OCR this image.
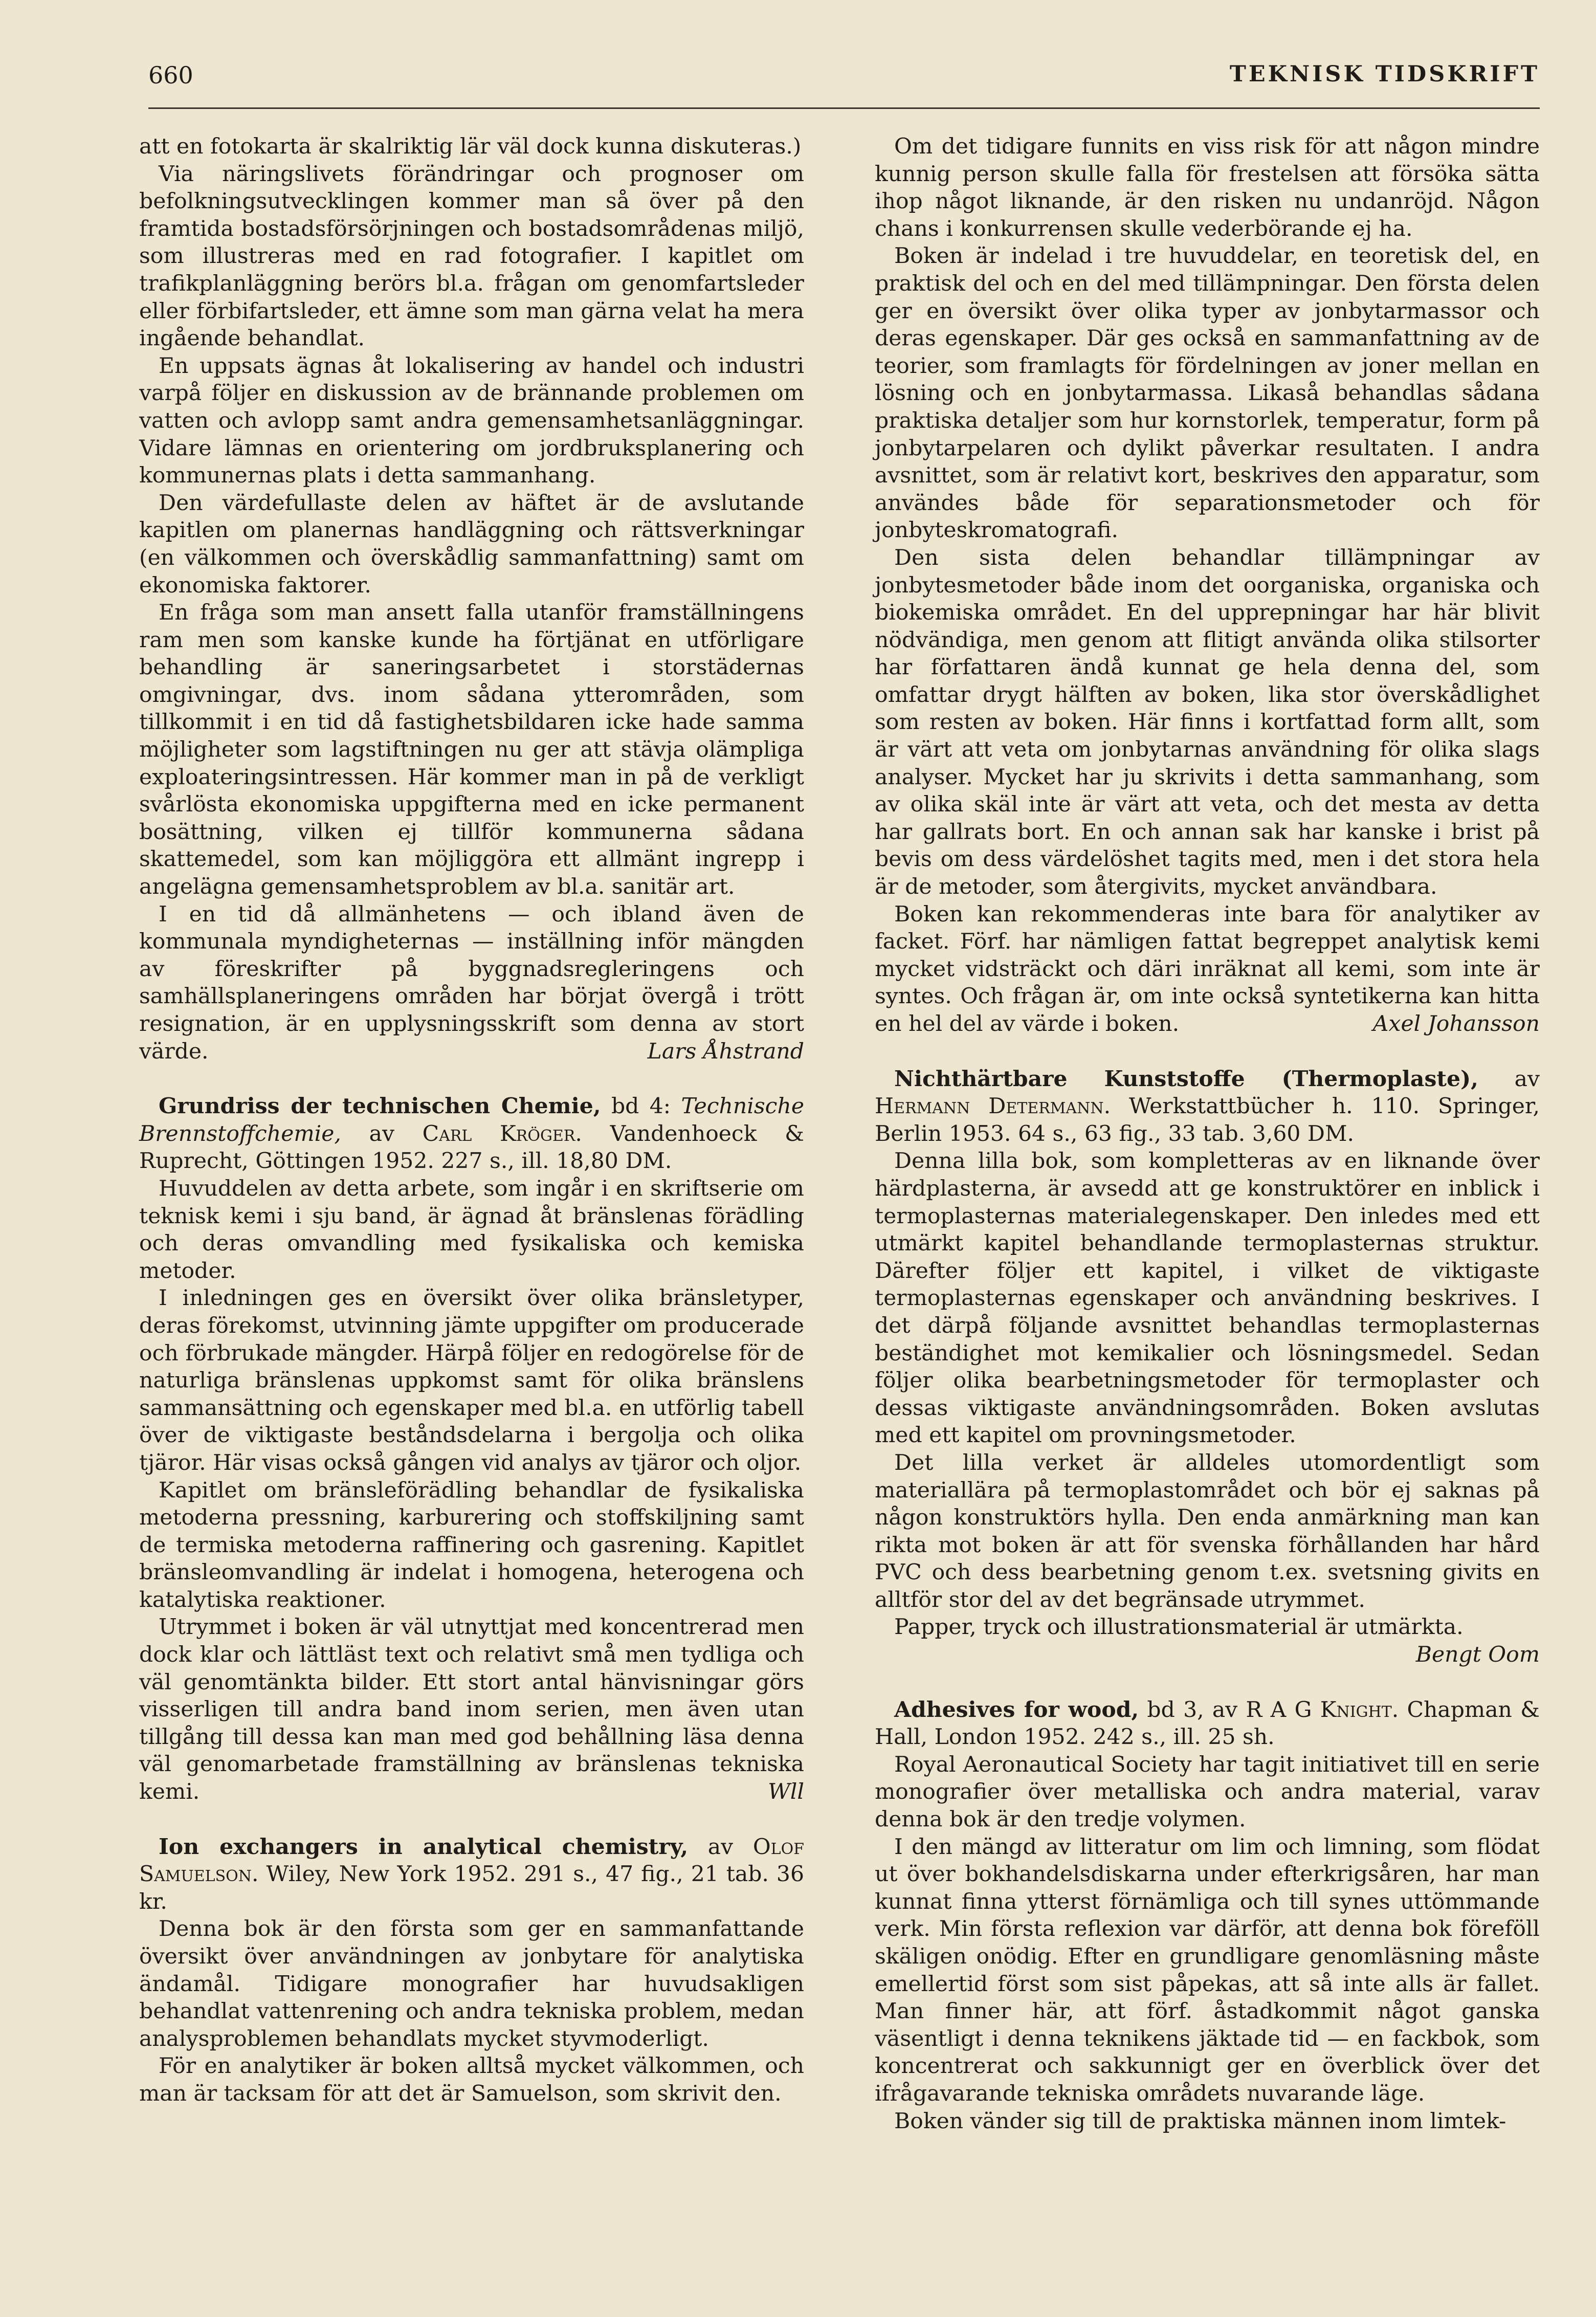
660	TEKNISK TIDSKRIFT

att en fotokarta är skalriktig lär väl dock kunna diskuteras.)

Via näringslivets förändringar och prognoser om befolkningsutvecklingen kommer man så över på den framtida bostadsförsörjningen och bostadsområdenas miljö, som illustreras med en rad fotografier. I kapitlet om trafikplanläggning berörs bl.a. frågan om genomfartsleder eller förbifartsleder, ett ämne som man gärna velat ha mera ingående behandlat.

En uppsats ägnas åt lokalisering av handel och industri varpå följer en diskussion av de brännande problemen om vatten och avlopp samt andra gemensamhetsanläggningar. Vidare lämnas en orientering om jordbruksplanering och kommunernas plats i detta sammanhang.

Den värdefullaste delen av häftet är de avslutande kapitlen om planernas handläggning och rättsverkningar (en välkommen och överskådlig sammanfattning) samt om ekonomiska faktorer.

En fråga som man ansett falla utanför framställningens ram men som kanske kunde ha förtjänat en utförligare behandling är saneringsarbetet i storstädernas omgivningar, dvs. inom sådana ytterområden, som tillkommit i en tid då fastighetsbildaren icke hade samma möjligheter som lagstiftningen nu ger att stävja olämpliga exploateringsintressen. Här kommer man in på de verkligt svårlösta ekonomiska uppgifterna med en icke permanent bosättning, vilken ej tillför kommunerna sådana skattemedel, som kan möjliggöra ett allmänt ingrepp i angelägna gemensamhetsproblem av bl.a. sanitär art.

I en tid då allmänhetens — och ibland även de kommunala myndigheternas — inställning inför mängden av föreskrifter på byggnadsregleringens och samhällsplaneringens områden har börjat övergå i trött resignation, är en upplysningsskrift som denna av stort värde.	Lars Åhstrand

Grundriss der technischen Chemie, bd 4: Technische Brennstoffchemie, av Carl Kröger. Vandenhoeck & Ruprecht, Göttingen 1952. 227 s., ill. 18,80 DM.

Huvuddelen av detta arbete, som ingår i en skriftserie om teknisk kemi i sju band, är ägnad åt bränslenas förädling och deras omvandling med fysikaliska och kemiska metoder.

I inledningen ges en översikt över olika bränsletyper, deras förekomst, utvinning jämte uppgifter om producerade och förbrukade mängder. Härpå följer en redogörelse för de naturliga bränslenas uppkomst samt för olika bränslens sammansättning och egenskaper med bl.a. en utförlig tabell över de viktigaste beståndsdelarna i bergolja och olika tjäror. Här visas också gången vid analys av tjäror och oljor.

Kapitlet om bränsleförädling behandlar de fysikaliska metoderna pressning, karburering och stoffskiljning samt de termiska metoderna raffinering och gasrening. Kapitlet bränsleomvandling är indelat i homogena, heterogena och katalytiska reaktioner.

Utrymmet i boken är väl utnyttjat med koncentrerad men dock klar och lättläst text och relativt små men tydliga och väl genomtänkta bilder. Ett stort antal hänvisningar görs visserligen till andra band inom serien, men även utan tillgång till dessa kan man med god behållning läsa denna väl genomarbetade framställning av bränslenas tekniska kemi.	Wll

Ion exchangers in analytical chemistry, av Olof Samuelson. Wiley, New York 1952. 291 s., 47 fig., 21 tab. 36 kr.

Denna bok är den första som ger en sammanfattande översikt över användningen av jonbytare för analytiska ändamål. Tidigare monografier har huvudsakligen behandlat vattenrening och andra tekniska problem, medan analysproblemen behandlats mycket styvmoderligt.

För en analytiker är boken alltså mycket välkommen, och man är tacksam för att det är Samuelson, som skrivit den.

Om det tidigare funnits en viss risk för att någon mindre kunnig person skulle falla för frestelsen att försöka sätta ihop något liknande, är den risken nu undanröjd. Någon chans i konkurrensen skulle vederbörande ej ha.

Boken är indelad i tre huvuddelar, en teoretisk del, en praktisk del och en del med tillämpningar. Den första delen ger en översikt över olika typer av jonbytarmassor och deras egenskaper. Där ges också en sammanfattning av de teorier, som framlagts för fördelningen av joner mellan en lösning och en jonbytarmassa. Likaså behandlas sådana praktiska detaljer som hur kornstorlek, temperatur, form på jonbytarpelaren och dylikt påverkar resultaten. I andra avsnittet, som är relativt kort, beskrives den apparatur, som användes både för separationsmetoder och för jonbyteskromatografi.

Den sista delen behandlar tillämpningar av jonbytesmetoder både inom det oorganiska, organiska och biokemiska området. En del upprepningar har här blivit nödvändiga, men genom att flitigt använda olika stilsorter har författaren ändå kunnat ge hela denna del, som omfattar drygt hälften av boken, lika stor överskådlighet som resten av boken. Här finns i kortfattad form allt, som är värt att veta om jonbytarnas användning för olika slags analyser. Mycket har ju skrivits i detta sammanhang, som av olika skäl inte är värt att veta, och det mesta av detta har gallrats bort. En och annan sak har kanske i brist på bevis om dess värdelöshet tagits med, men i det stora hela är de metoder, som återgivits, mycket användbara.

Boken kan rekommenderas inte bara för analytiker av facket. Förf. har nämligen fattat begreppet analytisk kemi mycket vidsträckt och däri inräknat all kemi, som inte är syntes. Och frågan är, om inte också syntetikerna kan hitta en hel del av värde i boken.	Axel Johansson

Nichthärtbare Kunststoffe (Thermoplaste), av Hermann Determann. Werkstattbücher h. 110. Springer, Berlin 1953. 64 s., 63 fig., 33 tab. 3,60 DM.

Denna lilla bok, som kompletteras av en liknande över härdplasterna, är avsedd att ge konstruktörer en inblick i termoplasternas materialegenskaper. Den inledes med ett utmärkt kapitel behandlande termoplasternas struktur. Därefter följer ett kapitel, i vilket de viktigaste termoplasternas egenskaper och användning beskrives. I det därpå följande avsnittet behandlas termoplasternas beständighet mot kemikalier och lösningsmedel. Sedan följer olika bearbetningsmetoder för termoplaster och dessas viktigaste användningsområden. Boken avslutas med ett kapitel om provningsmetoder.

Det lilla verket är alldeles utomordentligt som materiallära på termoplastområdet och bör ej saknas på någon konstruktörs hylla. Den enda anmärkning man kan rikta mot boken är att för svenska förhållanden har hård PVC och dess bearbetning genom t.ex. svetsning givits en alltför stor del av det begränsade utrymmet.

Papper, tryck och illustrationsmaterial är utmärkta.

Bengt Oom

Adhesives for wood, bd 3, av R A G Knight. Chapman & Hall, London 1952. 242 s., ill. 25 sh.

Royal Aeronautical Society har tagit initiativet till en serie monografier över metalliska och andra material, varav denna bok är den tredje volymen.

I den mängd av litteratur om lim och limning, som flödat ut över bokhandelsdiskarna under efterkrigsåren, har man kunnat finna ytterst förnämliga och till synes uttömmande verk. Min första reflexion var därför, att denna bok föreföll skäligen onödig. Efter en grundligare genomläsning måste emellertid först som sist påpekas, att så inte alls är fallet. Man finner här, att förf. åstadkommit något ganska väsentligt i denna teknikens jäktade tid — en fackbok, som koncentrerat och sakkunnigt ger en överblick över det ifrågavarande tekniska områdets nuvarande läge.

Boken vänder sig till de praktiska männen inom limtek-
